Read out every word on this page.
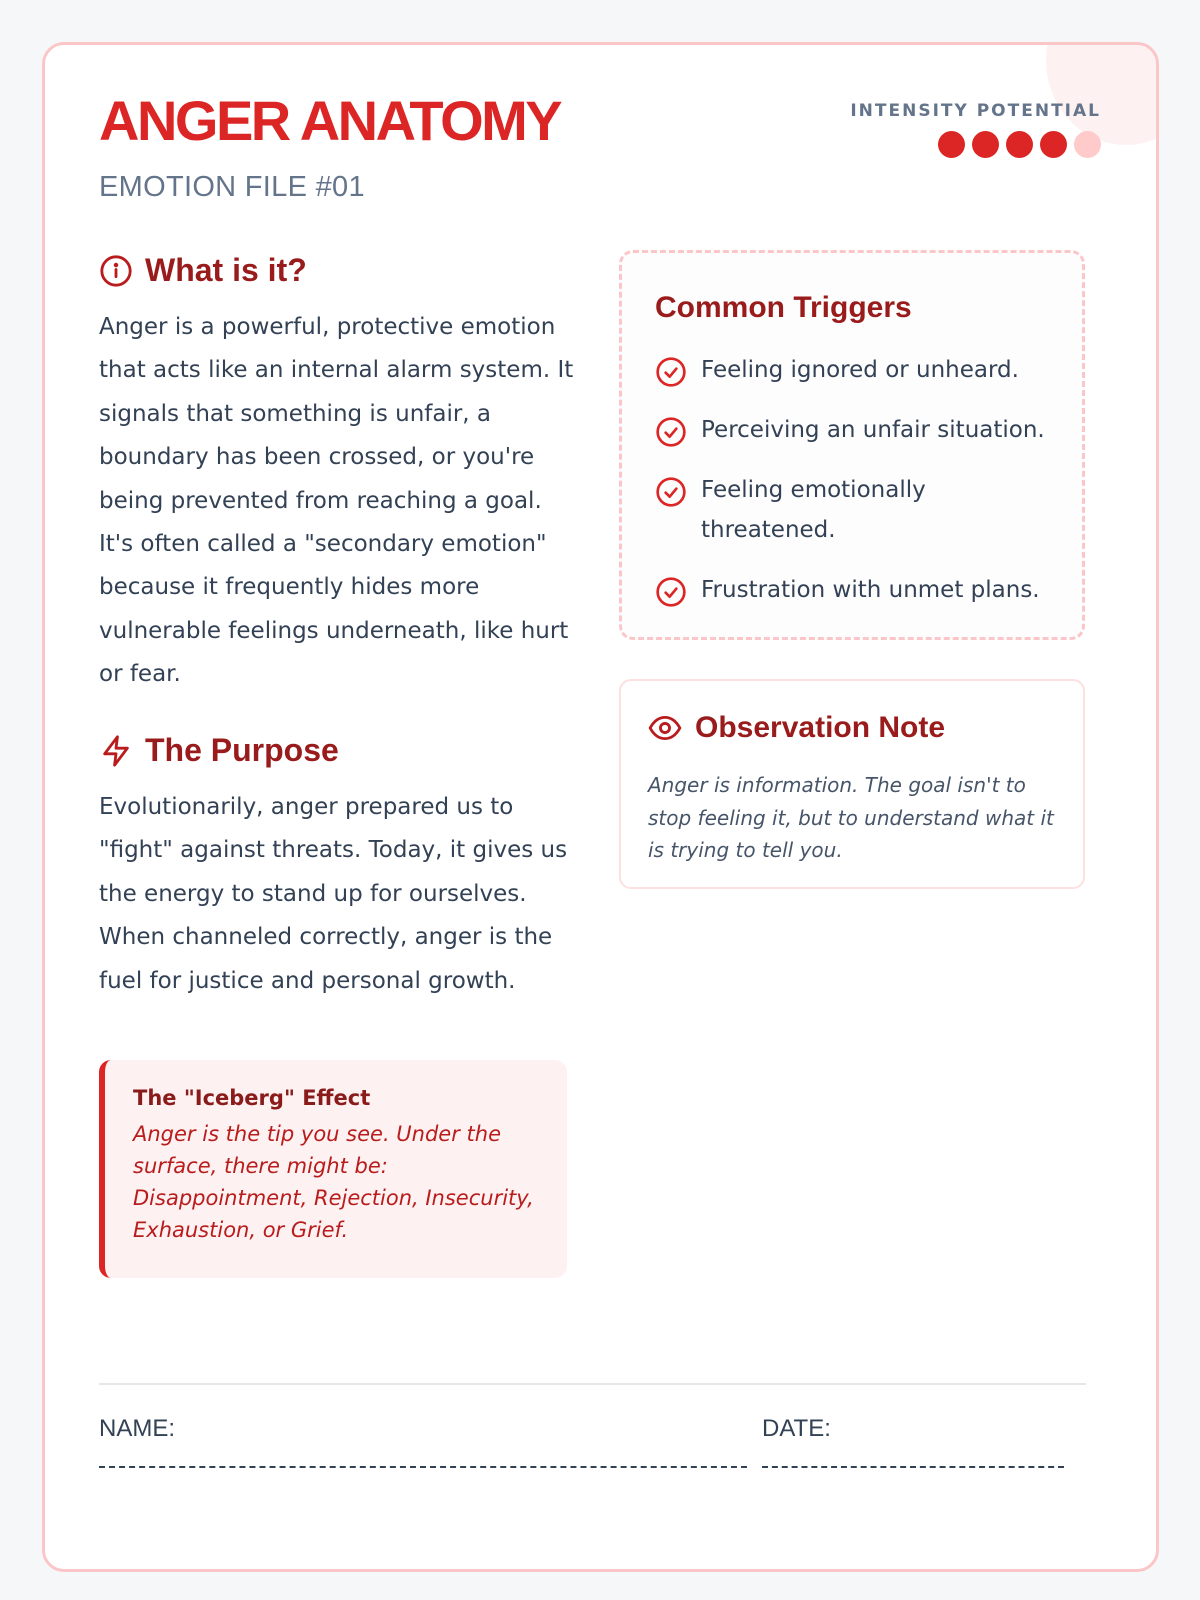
ANGER ANATOMY
EMOTION FILE #01
INTENSITY POTENTIAL
What is it?
Anger is a powerful, protective emotion that acts like an internal alarm system. It signals that something is unfair, a boundary has been crossed, or you're being prevented from reaching a goal. It's often called a "secondary emotion" because it frequently hides more vulnerable feelings underneath, like hurt or fear.
The Purpose
Evolutionarily, anger prepared us to "fight" against threats. Today, it gives us the energy to stand up for ourselves. When channeled correctly, anger is the fuel for justice and personal growth.
The "Iceberg" Effect
Anger is the tip you see. Under the surface, there might be: Disappointment, Rejection, Insecurity, Exhaustion, or Grief.
Common Triggers
Feeling ignored or unheard.
Perceiving an unfair situation.
Feeling emotionally threatened.
Frustration with unmet plans.
Observation Note
Anger is information. The goal isn't to stop feeling it, but to understand what it is trying to tell you.
NAME:	DATE:
